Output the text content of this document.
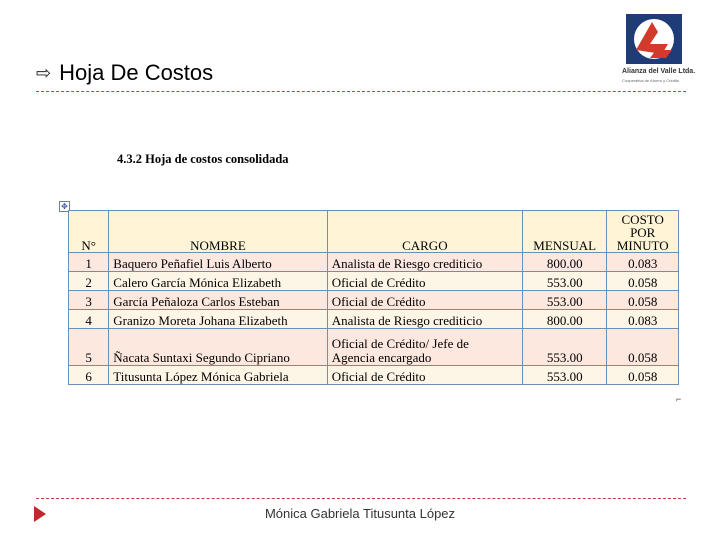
⇨ Hoja De Costos	Alianza del Valle Ltda.
Cooperativa de Ahorro y Crédito
4.3.2 Hoja de costos consolidada
✥
N°	NOMBRE	CARGO	MENSUAL	COSTO
POR
MINUTO

1	Baquero Peñafiel Luis Alberto	Analista de Riesgo crediticio	800.00	0.083
2	Calero García Mónica Elizabeth	Oficial de Crédito	553.00	0.058
3	García Peñaloza Carlos Esteban	Oficial de Crédito	553.00	0.058
4	Granizo Moreta Johana Elizabeth	Analista de Riesgo crediticio	800.00	0.083
5	Ñacata Suntaxi Segundo Cipriano	Oficial de Crédito/ Jefe de
Agencia encargado	553.00	0.058
6	Titusunta López Mónica Gabriela	Oficial de Crédito	553.00	0.058
⌐
Mónica Gabriela Titusunta López
